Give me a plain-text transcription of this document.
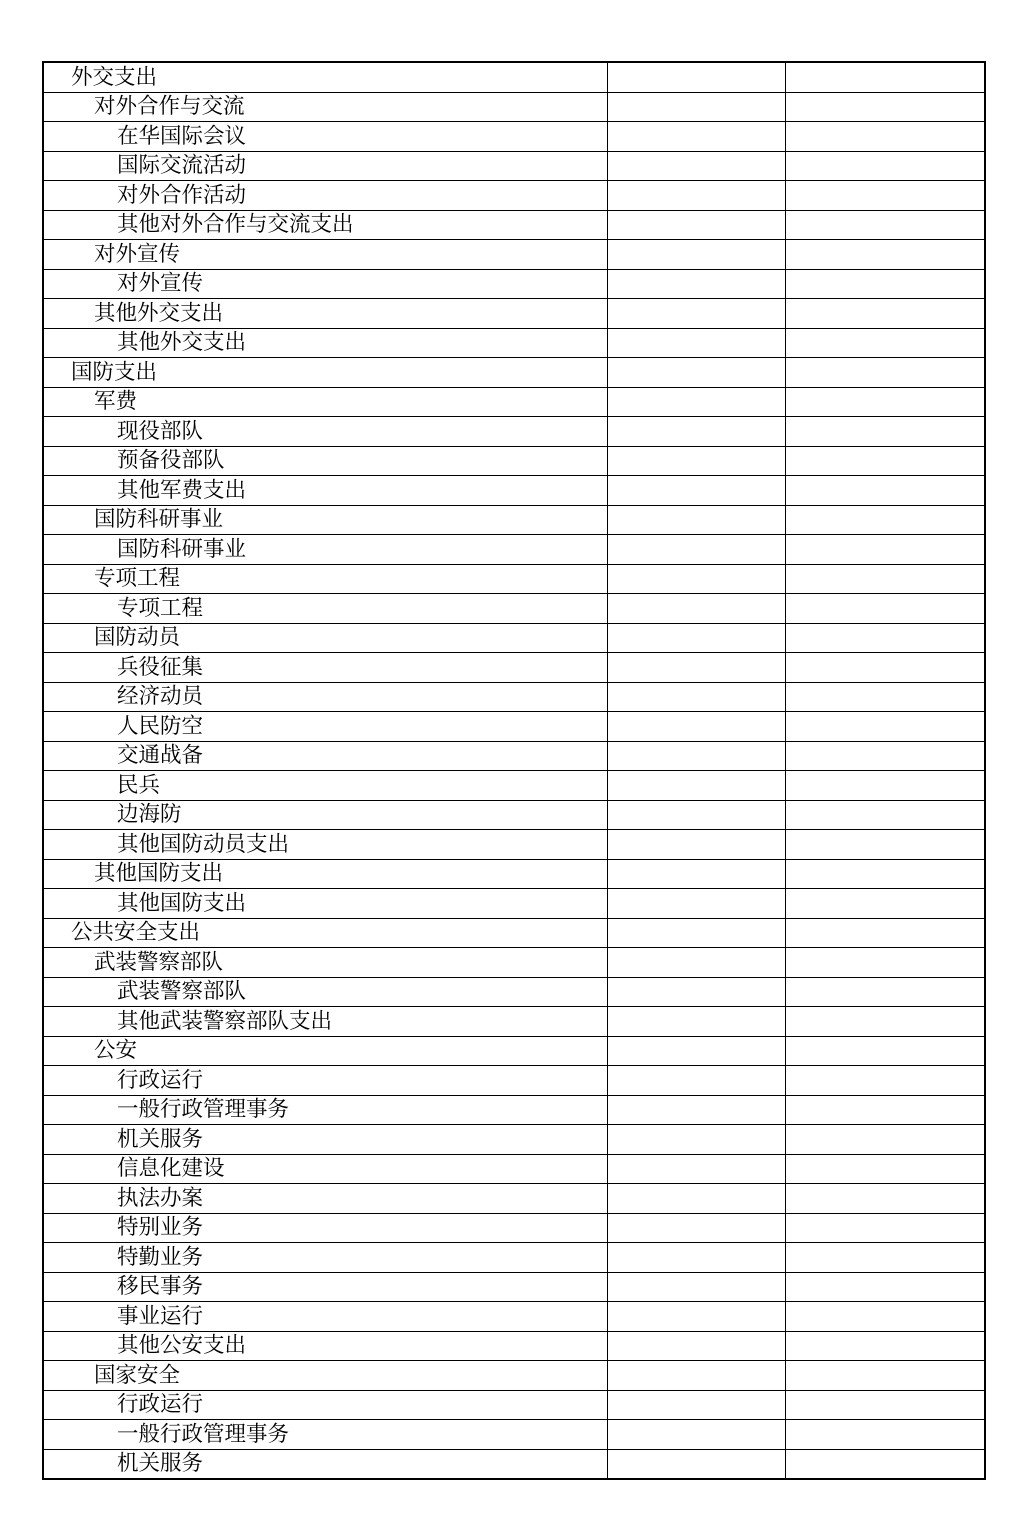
外交支出		
对外合作与交流		
在华国际会议		
国际交流活动		
对外合作活动		
其他对外合作与交流支出		
对外宣传		
对外宣传		
其他外交支出		
其他外交支出		
国防支出		
军费		
现役部队		
预备役部队		
其他军费支出		
国防科研事业		
国防科研事业		
专项工程		
专项工程		
国防动员		
兵役征集		
经济动员		
人民防空		
交通战备		
民兵		
边海防		
其他国防动员支出		
其他国防支出		
其他国防支出		
公共安全支出		
武装警察部队		
武装警察部队		
其他武装警察部队支出		
公安		
行政运行		
一般行政管理事务		
机关服务		
信息化建设		
执法办案		
特别业务		
特勤业务		
移民事务		
事业运行		
其他公安支出		
国家安全		
行政运行		
一般行政管理事务		
机关服务		
